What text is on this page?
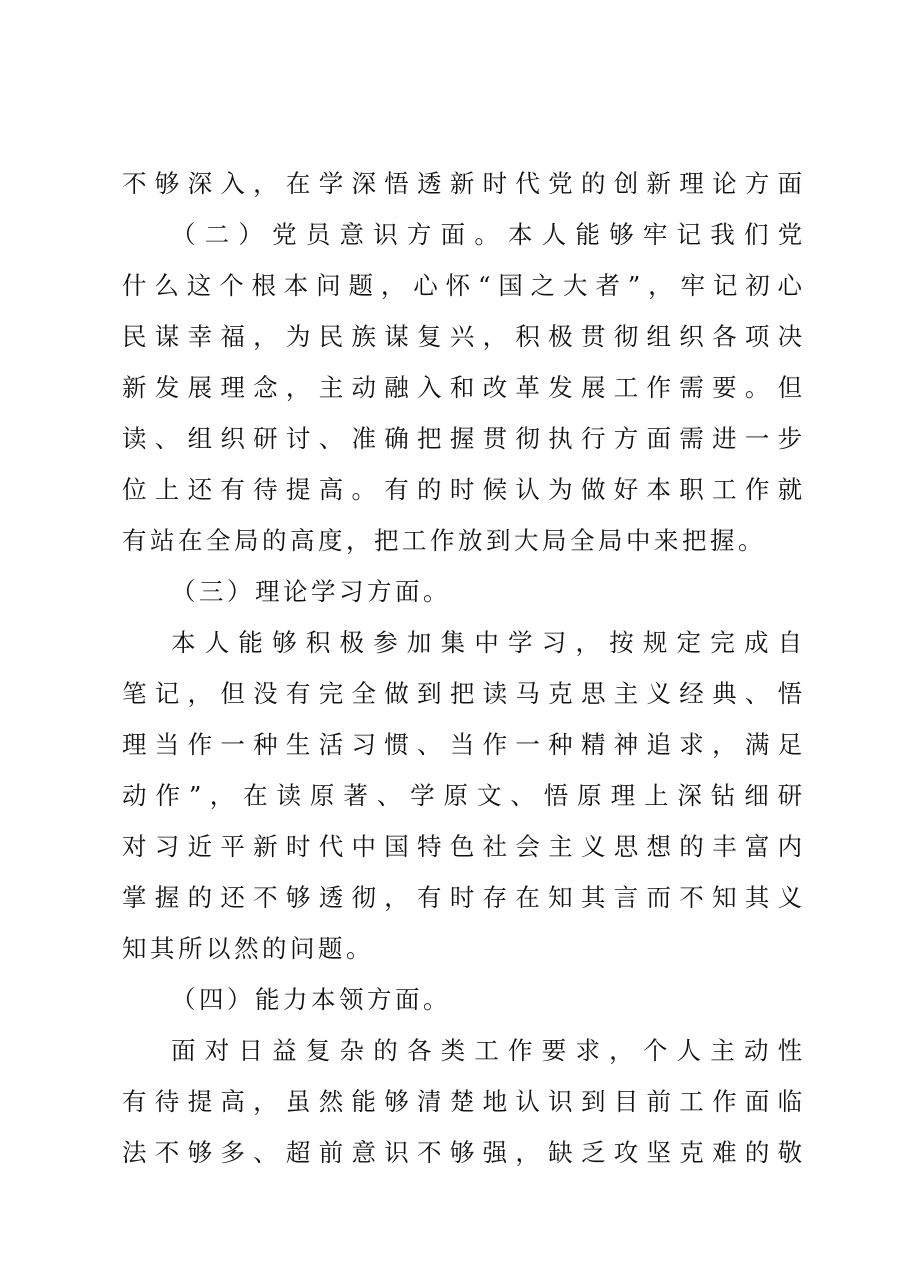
不 够 深 入 ， 在 学 深 悟 透 新 时 代 党 的 创 新 理 论 方 面
（ 二 ） 党 员 意 识 方 面 。 本 人 能 够 牢 记 我 们 党
什 么 这 个 根 本 问 题 ， 心 怀 “ 国 之 大 者 ” ， 牢 记 初 心
民 谋 幸 福 ， 为 民 族 谋 复 兴 ， 积 极 贯 彻 组 织 各 项 决
新 发 展 理 念 ， 主 动 融 入 和 改 革 发 展 工 作 需 要 。 但
读 、 组 织 研 讨 、 准 确 把 握 贯 彻 执 行 方 面 需 进 一 步
位 上 还 有 待 提 高 。 有 的 时 候 认 为 做 好 本 职 工 作 就
有站在全局的高度，把工作放到大局全局中来把握。
（三）理论学习方面。
本 人 能 够 积 极 参 加 集 中 学 习 ， 按 规 定 完 成 自
笔 记 ， 但 没 有 完 全 做 到 把 读 马 克 思 主 义 经 典 、 悟
理 当 作 一 种 生 活 习 惯 、 当 作 一 种 精 神 追 求 ， 满 足
动 作 ” ， 在 读 原 著 、 学 原 文 、 悟 原 理 上 深 钻 细 研
对 习 近 平 新 时 代 中 国 特 色 社 会 主 义 思 想 的 丰 富 内
掌 握 的 还 不 够 透 彻 ， 有 时 存 在 知 其 言 而 不 知 其 义
知其所以然的问题。
（四）能力本领方面。
面 对 日 益 复 杂 的 各 类 工 作 要 求 ， 个 人 主 动 性
有 待 提 高 ， 虽 然 能 够 清 楚 地 认 识 到 目 前 工 作 面 临
法 不 够 多 、 超 前 意 识 不 够 强 ， 缺 乏 攻 坚 克 难 的 敬
